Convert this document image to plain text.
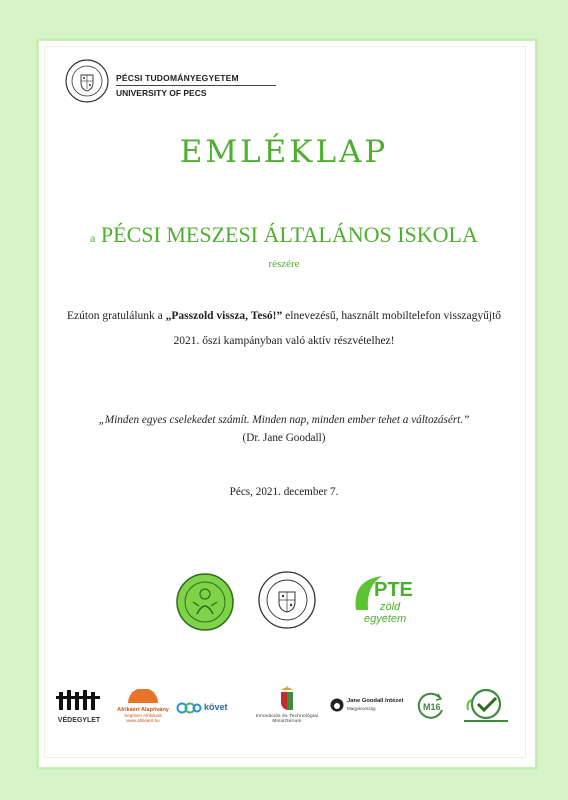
PÉCSI TUDOMÁNYEGYETEM
UNIVERSITY OF PECS
EMLÉKLAP
a PÉCSI MESZESI ÁLTALÁNOS ISKOLA
részére
Ezúton gratulálunk a „Passzold vissza, Tesó!” elnevezésű, használt mobiltelefon visszagyűjtő 2021. őszi kampányban való aktív részvételhez!
„Minden egyes cselekedet számít. Minden nap, minden ember tehet a változásért.”
(Dr. Jane Goodall)
Pécs, 2021. december 7.
PTE
zöld
egyetem
VÉDEGYLET
Afrikáért Alapítvány
Segítsen Afrikának
www.afrikaert.hu
követ
Innovációs és Technológiai
Minisztérium
Jane Goodall Intézet
Magyarország	M16
